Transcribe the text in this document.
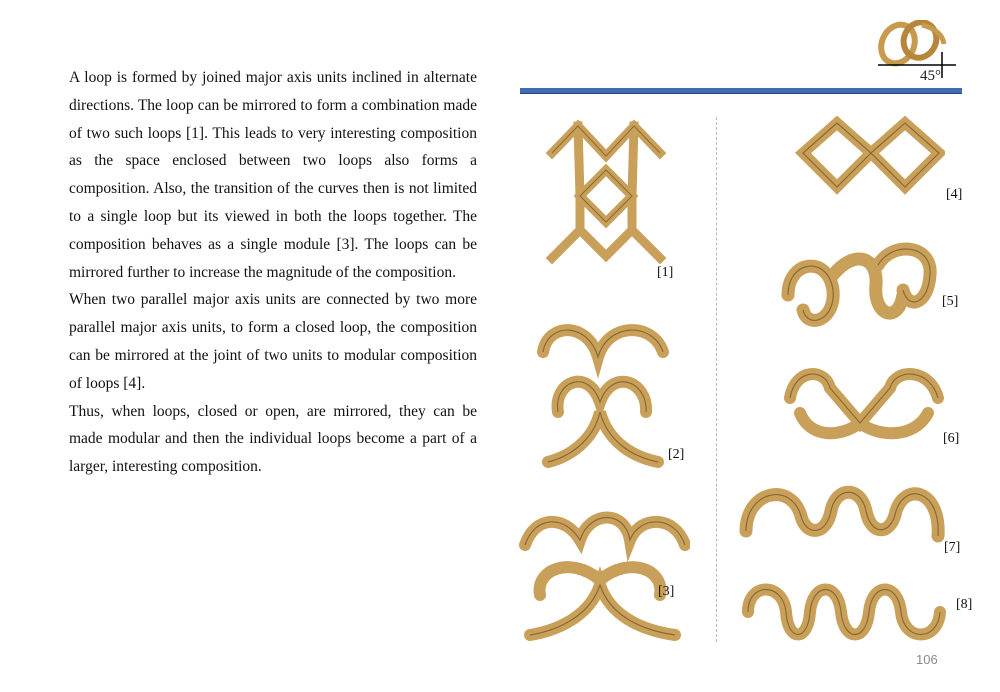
45°

A loop is formed by joined major axis units inclined in alternate directions. The loop can be mirrored to form a combination made of two such loops [1]. This leads to very interesting composition as the space enclosed between two loops also forms a composition. Also, the transition of the curves then is not limited to a single loop but its viewed in both the loops together. The composition behaves as a single module [3]. The loops can be mirrored further to increase the magnitude of the composition.

When two parallel major axis units are connected by two more parallel major axis units, to form a closed loop, the composition can be mirrored at the joint of two units to modular composition of loops [4].

Thus, when loops, closed or open, are mirrored, they can be made modular and then the individual loops become a part of a larger, interesting composition.

[1]
[2]
[3]
[4]
[5]
[6]
[7]
[8]
106
